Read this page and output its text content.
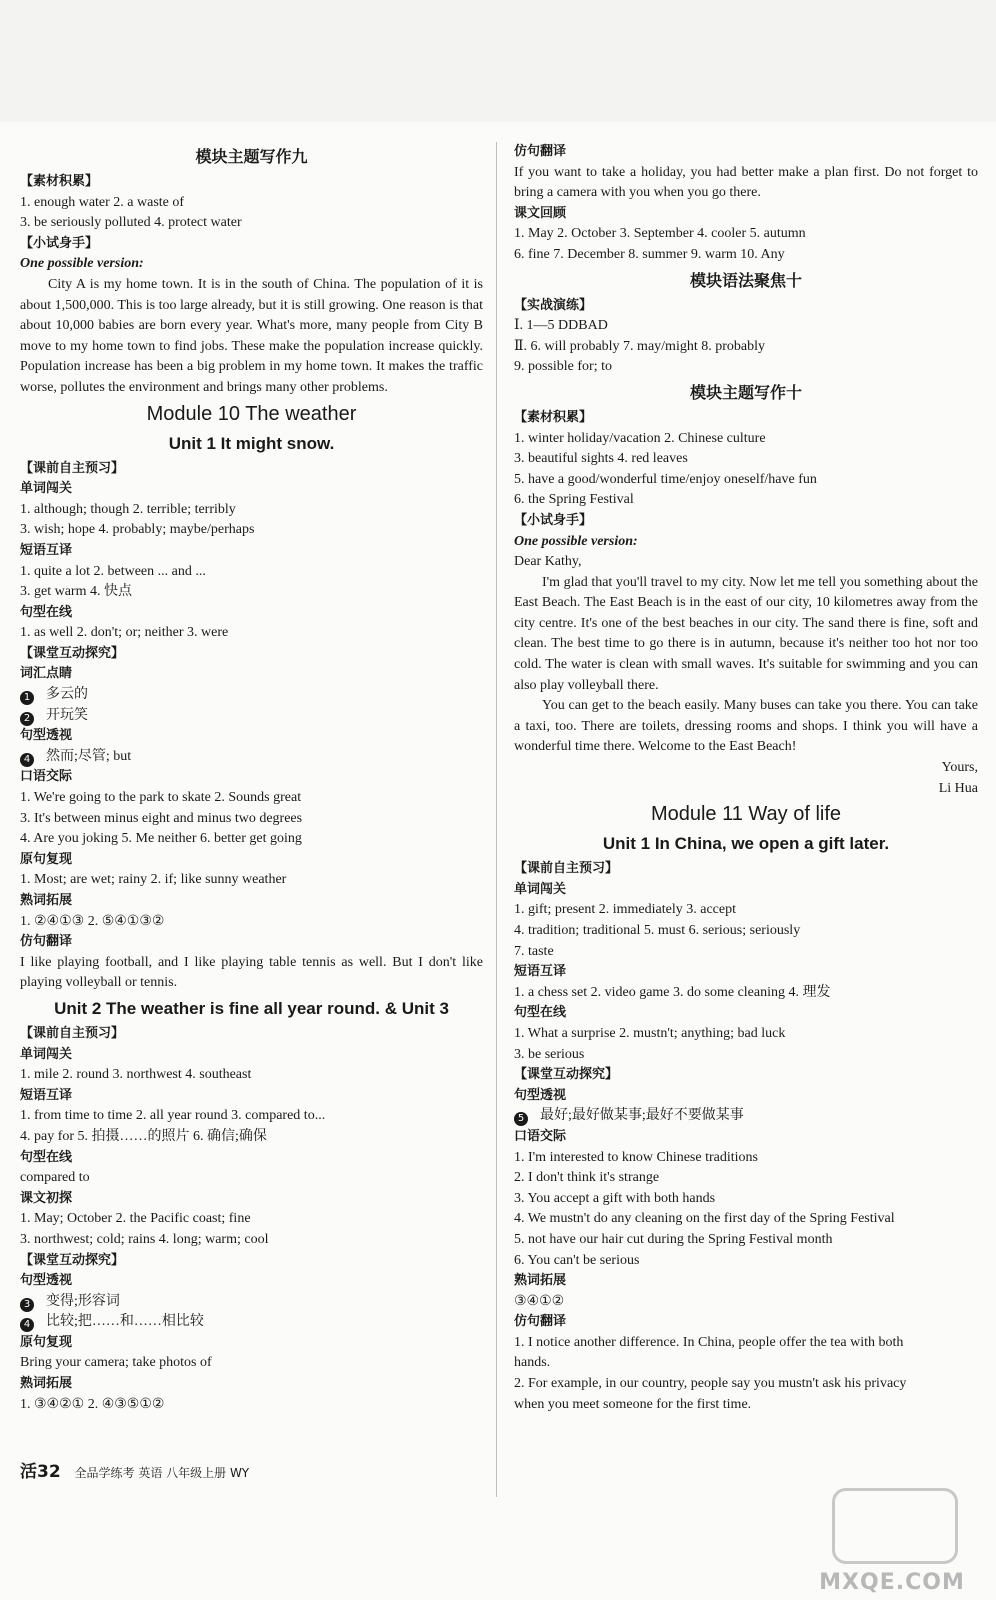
模块主题写作九
【素材积累】
1. enough water 2. a waste of
3. be seriously polluted 4. protect water
【小试身手】
One possible version:
City A is my home town. It is in the south of China. The population of it is about 1,500,000. This is too large already, but it is still growing. One reason is that about 10,000 babies are born every year. What's more, many people from City B move to my home town to find jobs. These make the population increase quickly. Population increase has been a big problem in my home town. It makes the traffic worse, pollutes the environment and brings many other problems.
Module 10 The weather
Unit 1 It might snow.
【课前自主预习】
单词闯关
1. although; though 2. terrible; terribly
3. wish; hope 4. probably; maybe/perhaps
短语互译
1. quite a lot 2. between ... and ...
3. get warm 4. 快点
句型在线
1. as well 2. don't; or; neither 3. were
【课堂互动探究】
词汇点睛
1 多云的
2 开玩笑
句型透视
4 然而;尽管; but
口语交际
1. We're going to the park to skate 2. Sounds great
3. It's between minus eight and minus two degrees
4. Are you joking 5. Me neither 6. better get going
原句复现
1. Most; are wet; rainy 2. if; like sunny weather
熟词拓展
1. ②④①③ 2. ⑤④①③②
仿句翻译
I like playing football, and I like playing table tennis as well. But I don't like playing volleyball or tennis.
Unit 2 The weather is fine all year round. & Unit 3
【课前自主预习】
单词闯关
1. mile 2. round 3. northwest 4. southeast
短语互译
1. from time to time 2. all year round 3. compared to...
4. pay for 5. 拍摄……的照片 6. 确信;确保
句型在线
compared to
课文初探
1. May; October 2. the Pacific coast; fine
3. northwest; cold; rains 4. long; warm; cool
【课堂互动探究】
句型透视
3 变得;形容词
4 比较;把……和……相比较
原句复现
Bring your camera; take photos of
熟词拓展
1. ③④②① 2. ④③⑤①②
仿句翻译
If you want to take a holiday, you had better make a plan first. Do not forget to bring a camera with you when you go there.
课文回顾
1. May 2. October 3. September 4. cooler 5. autumn
6. fine 7. December 8. summer 9. warm 10. Any
模块语法聚焦十
【实战演练】
Ⅰ. 1—5 DDBAD
Ⅱ. 6. will probably 7. may/might 8. probably
9. possible for; to
模块主题写作十
【素材积累】
1. winter holiday/vacation 2. Chinese culture
3. beautiful sights 4. red leaves
5. have a good/wonderful time/enjoy oneself/have fun
6. the Spring Festival
【小试身手】
One possible version:
Dear Kathy,
I'm glad that you'll travel to my city. Now let me tell you something about the East Beach. The East Beach is in the east of our city, 10 kilometres away from the city centre. It's one of the best beaches in our city. The sand there is fine, soft and clean. The best time to go there is in autumn, because it's neither too hot nor too cold. The water is clean with small waves. It's suitable for swimming and you can also play volleyball there.
You can get to the beach easily. Many buses can take you there. You can take a taxi, too. There are toilets, dressing rooms and shops. I think you will have a wonderful time there. Welcome to the East Beach!
Yours,
Li Hua
Module 11 Way of life
Unit 1 In China, we open a gift later.
【课前自主预习】
单词闯关
1. gift; present 2. immediately 3. accept
4. tradition; traditional 5. must 6. serious; seriously
7. taste
短语互译
1. a chess set 2. video game 3. do some cleaning 4. 理发
句型在线
1. What a surprise 2. mustn't; anything; bad luck
3. be serious
【课堂互动探究】
句型透视
5 最好;最好做某事;最好不要做某事
口语交际
1. I'm interested to know Chinese traditions
2. I don't think it's strange
3. You accept a gift with both hands
4. We mustn't do any cleaning on the first day of the Spring Festival
5. not have our hair cut during the Spring Festival month
6. You can't be serious
熟词拓展
③④①②
仿句翻译
1. I notice another difference. In China, people offer the tea with both
hands.
2. For example, in our country, people say you mustn't ask his privacy
when you meet someone for the first time.
活32 全品学练考 英语 八年级上册 WY
MXQE.COM
